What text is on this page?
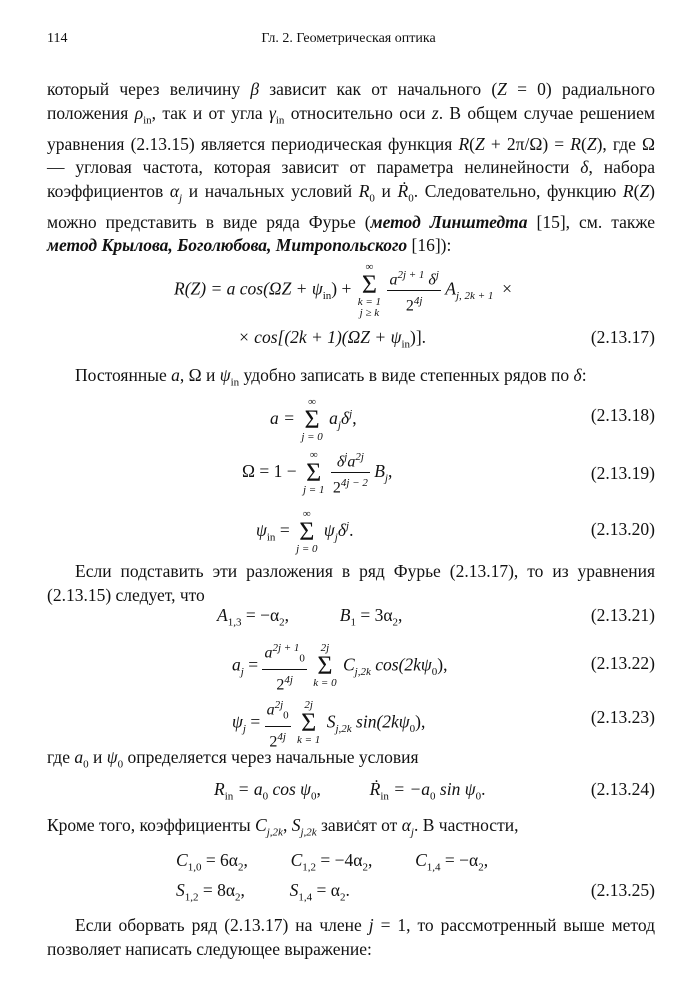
114	Гл. 2. Геометрическая оптика
который через величину β зависит как от начального (Z = 0) радиального положения $\rho_{in}$, так и от угла $\gamma_{in}$ относительно оси z. В общем случае решением уравнения (2.13.15) является периодическая функция R(Z + 2π/Ω) = R(Z), где Ω — угловая частота, которая зависит от параметра нелинейности δ, набора коэффициентов $\alpha_j$ и начальных условий $R_0$ и Ṙ$_0$. Следовательно, функцию R(Z) можно представить в виде ряда Фурье (метод Линштедта [15], см. также метод Крылова, Боголюбова, Митропольского [16]):
R(Z) = a $\cos(\Omega Z + \psi_{in})$ +
∞
Σ
k = 1
j ≥ k
$\frac{a^{2j + 1} \delta^j}{2^{4j}} A_{j, 2k + 1}$ ×
× $\cos[(2k + 1)(\Omega Z + \psi_{in})]$.	(2.13.17)
Постоянные a, Ω и $\psi_{in}$ удобно записать в виде степенных рядов по δ:
a =
∞
Σ
j = 0
$a_j\delta^j$,	(2.13.18)
Ω = 1 −
∞
Σ
j = 1
$\frac{\delta^ja^{2j}}{2^{4j - 2}} B_j$,	(2.13.19)
$\psi_{in}$ =
∞
Σ
j = 0
$\psi_j\delta^j$.	(2.13.20)
Если подставить эти разложения в ряд Фурье (2.13.17), то из уравнения (2.13.15) следует, что
$A_{1,3} = -\alpha_2$,	$B_1 = 3\alpha_2$,	(2.13.21)
$a_j = \frac{a^{2j + 1}_0}{2^{4j}}$
	2j
Σ
k = 0
$C_{j,2k}$ $\cos(2k\psi_0)$,	(2.13.22)
$\psi_j = \frac{a^{2j}_0}{2^{4j}}$
	2j
Σ
k = 1
$S_{j,2k}$ $\sin(2k\psi_0)$,	(2.13.23)
где $a_0$ и $\psi_0$ определяется через начальные условия
$R_{in} = a_0$ $\cos \psi_0$,	Ṙ$_{in}$ = $-a_0$ $\sin \psi_0$.	(2.13.24)
Кроме того, коэффициенты $C_{j,2k}$, $S_{j,2k}$ зависят от $\alpha_j$. В частности,
$C_{1,0} = 6\alpha_2$, $C_{1,2} = -4\alpha_2$, $C_{1,4} = -\alpha_2$,
$S_{1,2} = 8\alpha_2$,	$S_{1,4} = \alpha_2$.	(2.13.25)
Если оборвать ряд (2.13.17) на члене j = 1, то рассмотренный выше метод позволяет написать следующее выражение:
